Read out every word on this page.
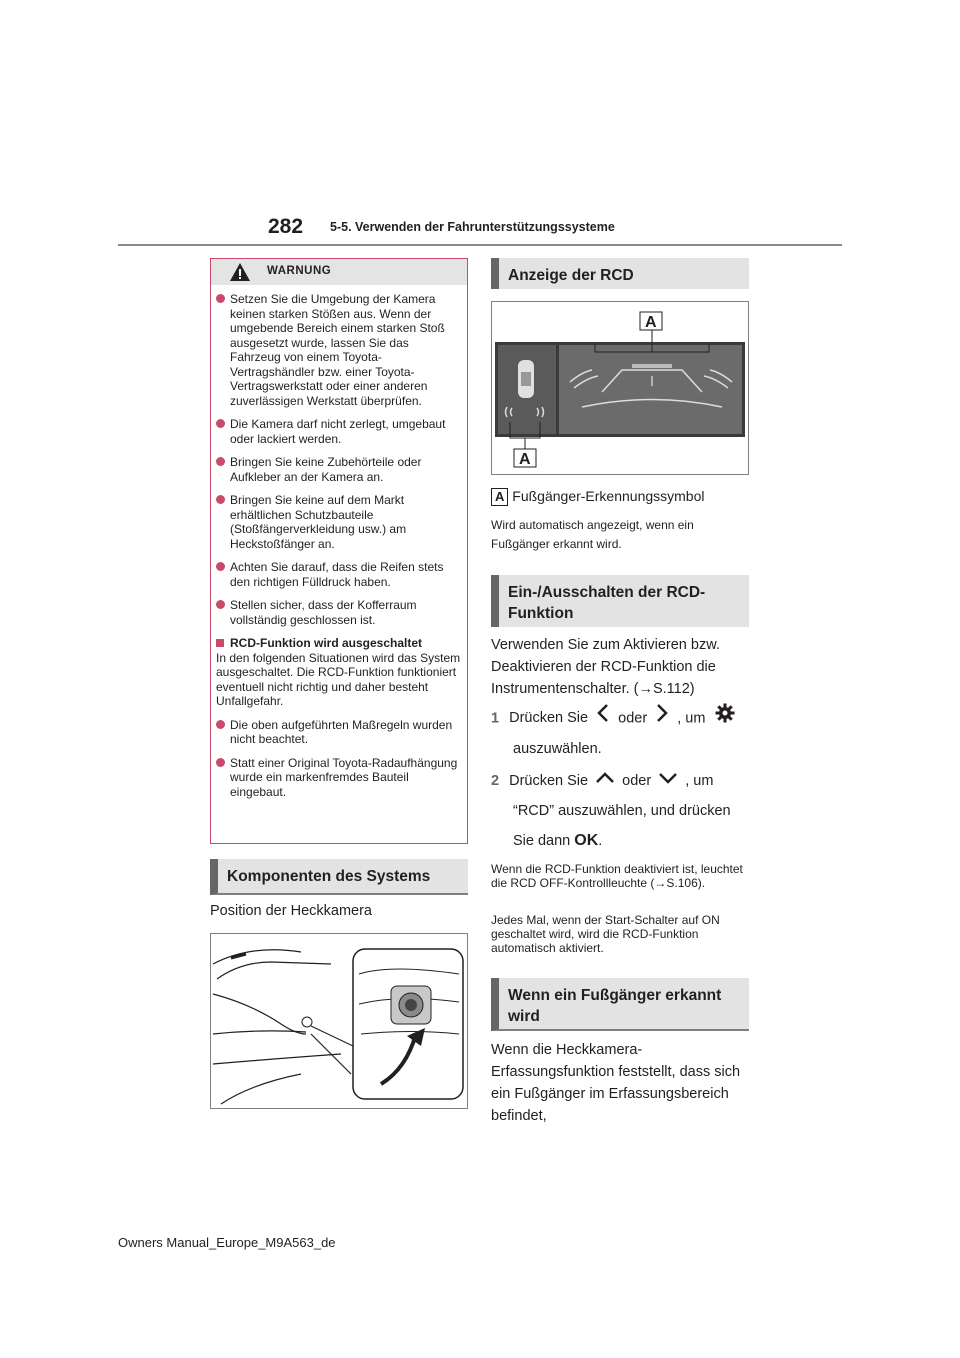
282 5-5. Verwenden der Fahrunterstützungssysteme
WARNUNG
Setzen Sie die Umgebung der Kamera keinen starken Stößen aus. Wenn der umgebende Bereich einem starken Stoß ausgesetzt wurde, lassen Sie das Fahrzeug von einem Toyota-Vertragshändler bzw. einer Toyota-Vertragswerkstatt oder einer anderen zuverlässigen Werkstatt überprüfen.
Die Kamera darf nicht zerlegt, umgebaut oder lackiert werden.
Bringen Sie keine Zubehörteile oder Aufkleber an der Kamera an.
Bringen Sie keine auf dem Markt erhältlichen Schutzbauteile (Stoßfängerverkleidung usw.) am Heckstoßfänger an.
Achten Sie darauf, dass die Reifen stets den richtigen Fülldruck haben.
Stellen sicher, dass der Kofferraum vollständig geschlossen ist.
RCD-Funktion wird ausgeschaltet
In den folgenden Situationen wird das System ausgeschaltet. Die RCD-Funktion funktioniert eventuell nicht richtig und daher besteht Unfallgefahr.
Die oben aufgeführten Maßregeln wurden nicht beachtet.
Statt einer Original Toyota-Radaufhängung wurde ein markenfremdes Bauteil eingebaut.
Komponenten des Systems
Position der Heckkamera
Anzeige der RCD
A
A
A Fußgänger-Erkennungssymbol
Wird automatisch angezeigt, wenn ein Fußgänger erkannt wird.
Ein-/Ausschalten der RCD-Funktion
Verwenden Sie zum Aktivieren bzw. Deaktivieren der RCD-Funktion die Instrumentenschalter. (→S.112)
1 Drücken Sie oder , um
auszuwählen.
2 Drücken Sie oder , um
“RCD” auszuwählen, und drücken
Sie dann OK.
Wenn die RCD-Funktion deaktiviert ist, leuchtet die RCD OFF-Kontrollleuchte (→S.106).
Jedes Mal, wenn der Start-Schalter auf ON geschaltet wird, wird die RCD-Funktion automatisch aktiviert.
Wenn ein Fußgänger erkannt wird
Wenn die Heckkamera-Erfassungsfunktion feststellt, dass sich ein Fußgänger im Erfassungsbereich befindet,
Owners Manual_Europe_M9A563_de
